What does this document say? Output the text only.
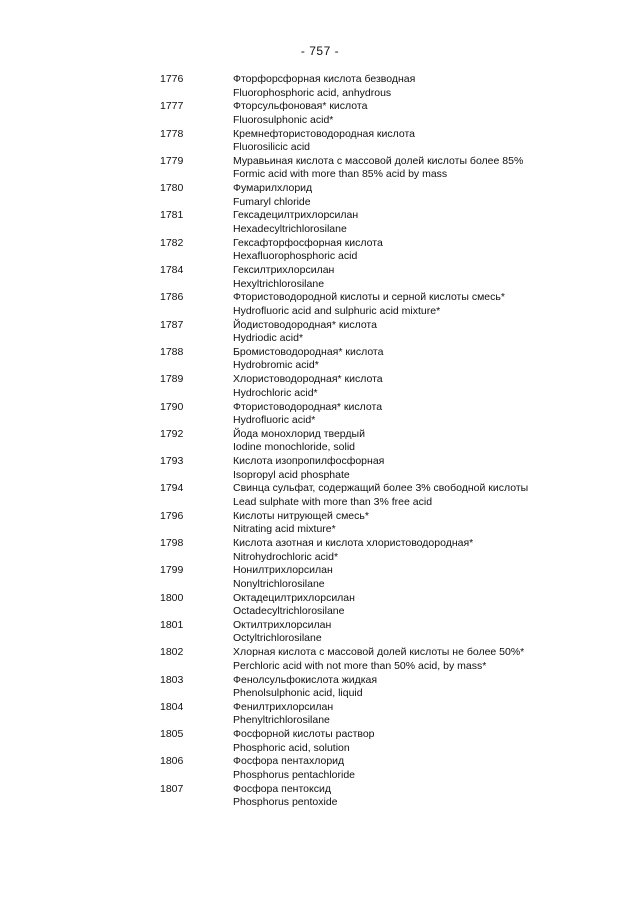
- 757 -
1776	Фторфорсфорная кислота безводная
Fluorophosphoric acid, anhydrous
1777	Фторсульфоновая* кислота
Fluorosulphonic acid*
1778	Кремнефтористоводородная кислота
Fluorosilicic acid
1779	Муравьиная кислота с массовой долей кислоты более 85%
Formic acid with more than 85% acid by mass
1780	Фумарилхлорид
Fumaryl chloride
1781	Гексадецилтрихлорсилан
Hexadecyltrichlorosilane
1782	Гексафторфосфорная кислота
Hexafluorophosphoric acid
1784	Гексилтрихлорсилан
Hexyltrichlorosilane
1786	Фтористоводородной кислоты и серной кислоты смесь*
Hydrofluoric acid and sulphuric acid mixture*
1787	Йодистоводородная* кислота
Hydriodic acid*
1788	Бромистоводородная* кислота
Hydrobromic acid*
1789	Хлористоводородная* кислота
Hydrochloric acid*
1790	Фтористоводородная* кислота
Hydrofluoric acid*
1792	Йода монохлорид твердый
Iodine monochloride, solid
1793	Кислота изопропилфосфорная
Isopropyl acid phosphate
1794	Свинца сульфат, содержащий более 3% свободной кислоты
Lead sulphate with more than 3% free acid
1796	Кислоты нитрующей смесь*
Nitrating acid mixture*
1798	Кислота азотная и кислота хлористоводородная*
Nitrohydrochloric acid*
1799	Нонилтрихлорсилан
Nonyltrichlorosilane
1800	Октадецилтрихлорсилан
Octadecyltrichlorosilane
1801	Октилтрихлорсилан
Octyltrichlorosilane
1802	Хлорная кислота с массовой долей кислоты не более 50%*
Perchloric acid with not more than 50% acid, by mass*
1803	Фенолсульфокислота жидкая
Phenolsulphonic acid, liquid
1804	Фенилтрихлорсилан
Phenyltrichlorosilane
1805	Фосфорной кислоты раствор
Phosphoric acid, solution
1806	Фосфора пентахлорид
Phosphorus pentachloride
1807	Фосфора пентоксид
Phosphorus pentoxide
